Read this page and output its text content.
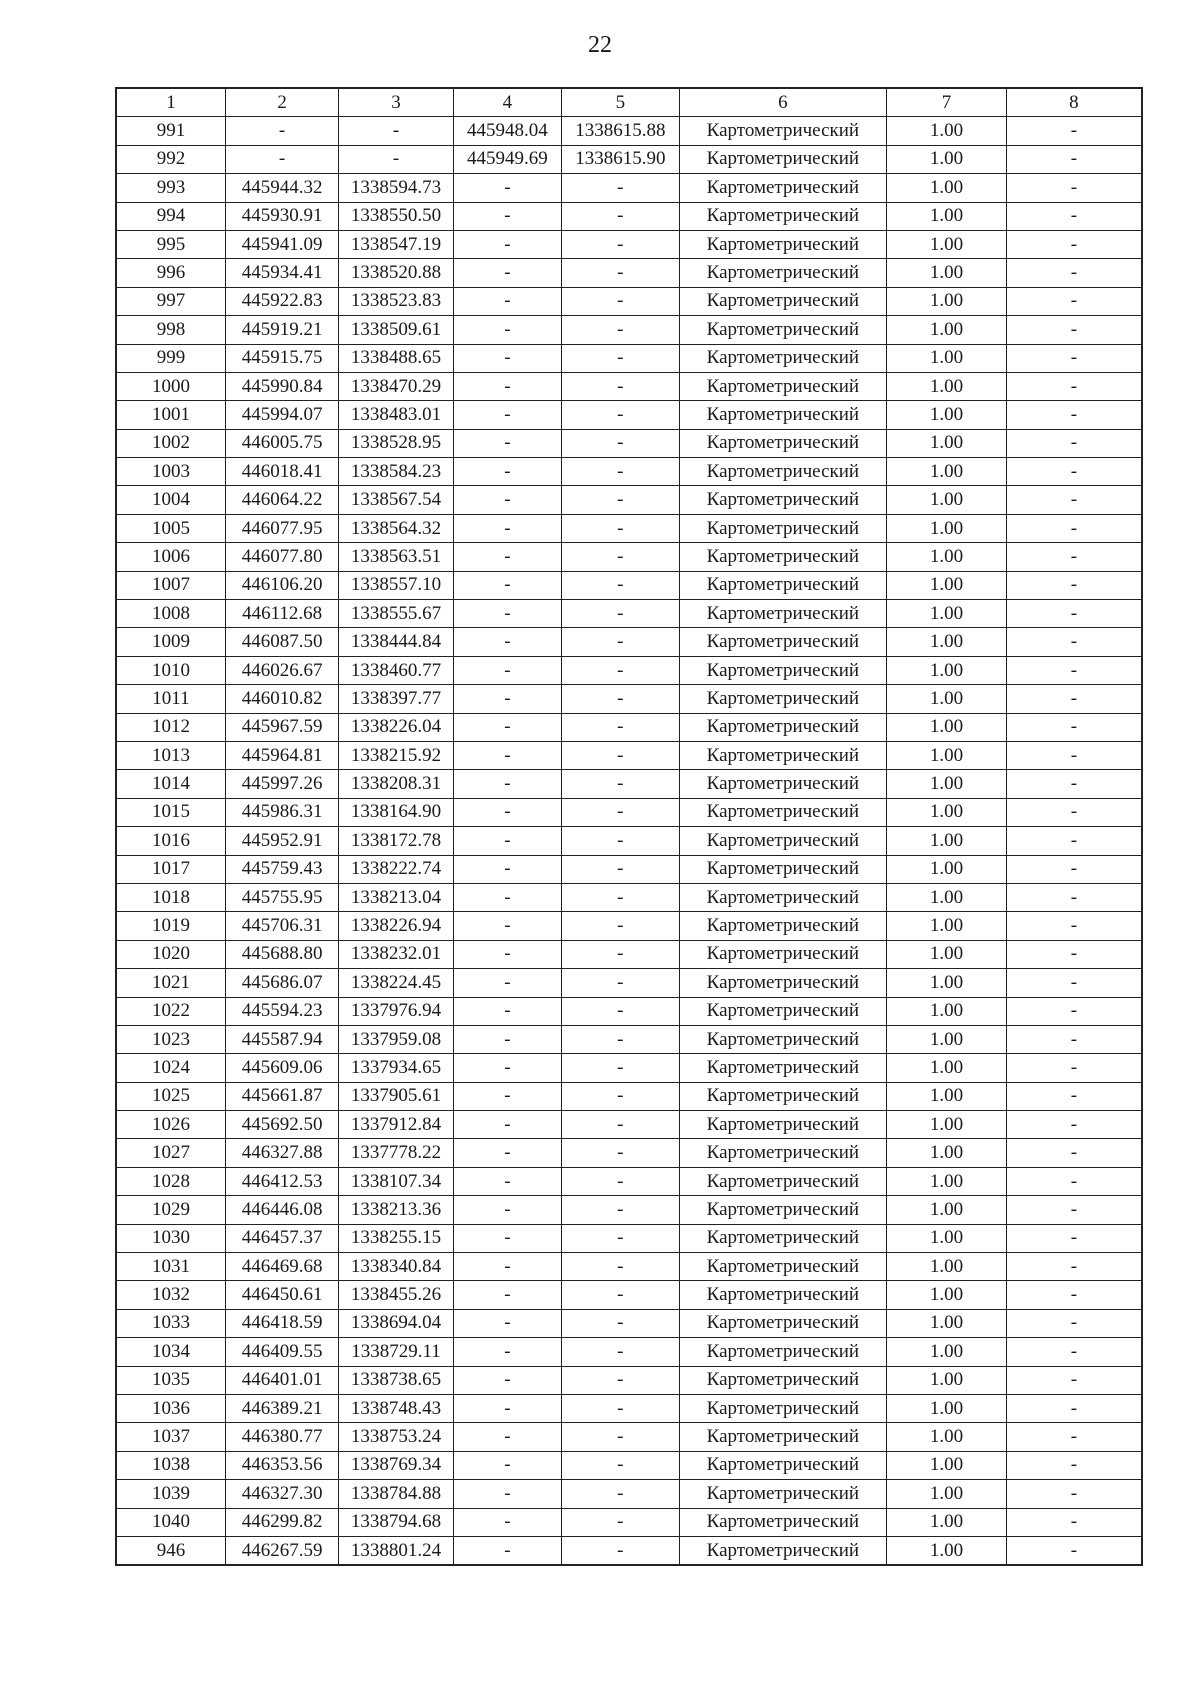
22
1	2	3	4	5	6	7	8
991	-	-	445948.04	1338615.88	Картометрический	1.00	-
992	-	-	445949.69	1338615.90	Картометрический	1.00	-
993	445944.32	1338594.73	-	-	Картометрический	1.00	-
994	445930.91	1338550.50	-	-	Картометрический	1.00	-
995	445941.09	1338547.19	-	-	Картометрический	1.00	-
996	445934.41	1338520.88	-	-	Картометрический	1.00	-
997	445922.83	1338523.83	-	-	Картометрический	1.00	-
998	445919.21	1338509.61	-	-	Картометрический	1.00	-
999	445915.75	1338488.65	-	-	Картометрический	1.00	-
1000	445990.84	1338470.29	-	-	Картометрический	1.00	-
1001	445994.07	1338483.01	-	-	Картометрический	1.00	-
1002	446005.75	1338528.95	-	-	Картометрический	1.00	-
1003	446018.41	1338584.23	-	-	Картометрический	1.00	-
1004	446064.22	1338567.54	-	-	Картометрический	1.00	-
1005	446077.95	1338564.32	-	-	Картометрический	1.00	-
1006	446077.80	1338563.51	-	-	Картометрический	1.00	-
1007	446106.20	1338557.10	-	-	Картометрический	1.00	-
1008	446112.68	1338555.67	-	-	Картометрический	1.00	-
1009	446087.50	1338444.84	-	-	Картометрический	1.00	-
1010	446026.67	1338460.77	-	-	Картометрический	1.00	-
1011	446010.82	1338397.77	-	-	Картометрический	1.00	-
1012	445967.59	1338226.04	-	-	Картометрический	1.00	-
1013	445964.81	1338215.92	-	-	Картометрический	1.00	-
1014	445997.26	1338208.31	-	-	Картометрический	1.00	-
1015	445986.31	1338164.90	-	-	Картометрический	1.00	-
1016	445952.91	1338172.78	-	-	Картометрический	1.00	-
1017	445759.43	1338222.74	-	-	Картометрический	1.00	-
1018	445755.95	1338213.04	-	-	Картометрический	1.00	-
1019	445706.31	1338226.94	-	-	Картометрический	1.00	-
1020	445688.80	1338232.01	-	-	Картометрический	1.00	-
1021	445686.07	1338224.45	-	-	Картометрический	1.00	-
1022	445594.23	1337976.94	-	-	Картометрический	1.00	-
1023	445587.94	1337959.08	-	-	Картометрический	1.00	-
1024	445609.06	1337934.65	-	-	Картометрический	1.00	-
1025	445661.87	1337905.61	-	-	Картометрический	1.00	-
1026	445692.50	1337912.84	-	-	Картометрический	1.00	-
1027	446327.88	1337778.22	-	-	Картометрический	1.00	-
1028	446412.53	1338107.34	-	-	Картометрический	1.00	-
1029	446446.08	1338213.36	-	-	Картометрический	1.00	-
1030	446457.37	1338255.15	-	-	Картометрический	1.00	-
1031	446469.68	1338340.84	-	-	Картометрический	1.00	-
1032	446450.61	1338455.26	-	-	Картометрический	1.00	-
1033	446418.59	1338694.04	-	-	Картометрический	1.00	-
1034	446409.55	1338729.11	-	-	Картометрический	1.00	-
1035	446401.01	1338738.65	-	-	Картометрический	1.00	-
1036	446389.21	1338748.43	-	-	Картометрический	1.00	-
1037	446380.77	1338753.24	-	-	Картометрический	1.00	-
1038	446353.56	1338769.34	-	-	Картометрический	1.00	-
1039	446327.30	1338784.88	-	-	Картометрический	1.00	-
1040	446299.82	1338794.68	-	-	Картометрический	1.00	-
946	446267.59	1338801.24	-	-	Картометрический	1.00	-
